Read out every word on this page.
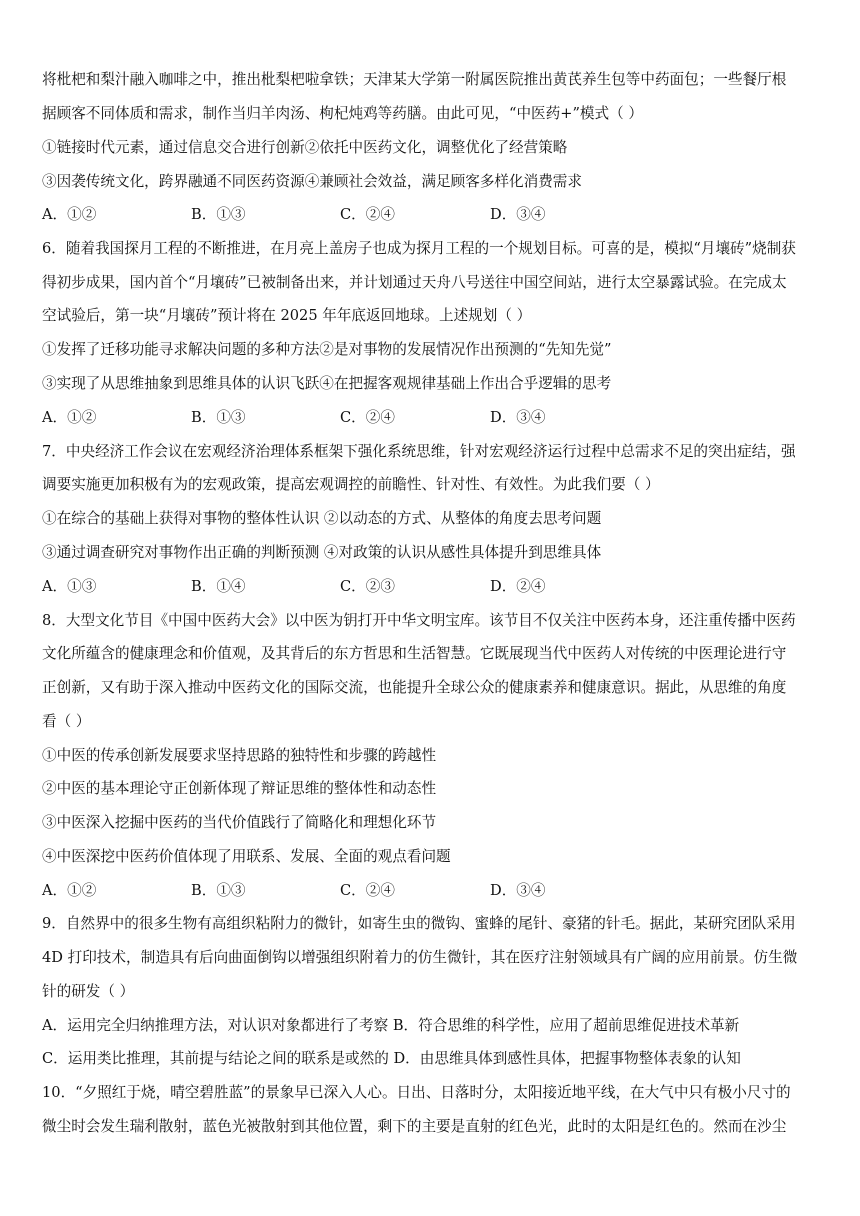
将枇杷和梨汁融入咖啡之中，推出枇梨杷啦拿铁；天津某大学第一附属医院推出黄芪养生包等中药面包；一些餐厅根
据顾客不同体质和需求，制作当归羊肉汤、枸杞炖鸡等药膳。由此可见，“中医药+”模式（ ）
①链接时代元素，通过信息交合进行创新②依托中医药文化，调整优化了经营策略
③因袭传统文化，跨界融通不同医药资源④兼顾社会效益，满足顾客多样化消费需求
A．①②	B．①③	C．②④	D．③④
6．随着我国探月工程的不断推进，在月亮上盖房子也成为探月工程的一个规划目标。可喜的是，模拟“月壤砖”烧制获
得初步成果，国内首个“月壤砖”已被制备出来，并计划通过天舟八号送往中国空间站，进行太空暴露试验。在完成太
空试验后，第一块“月壤砖”预计将在 2025 年年底返回地球。上述规划（ ）
①发挥了迁移功能寻求解决问题的多种方法②是对事物的发展情况作出预测的“先知先觉”
③实现了从思维抽象到思维具体的认识飞跃④在把握客观规律基础上作出合乎逻辑的思考
A．①②	B．①③	C．②④	D．③④
7．中央经济工作会议在宏观经济治理体系框架下强化系统思维，针对宏观经济运行过程中总需求不足的突出症结，强
调要实施更加积极有为的宏观政策，提高宏观调控的前瞻性、针对性、有效性。为此我们要（ ）
①在综合的基础上获得对事物的整体性认识 ②以动态的方式、从整体的角度去思考问题
③通过调查研究对事物作出正确的判断预测 ④对政策的认识从感性具体提升到思维具体
A．①③	B．①④	C．②③	D．②④
8．大型文化节目《中国中医药大会》以中医为钥打开中华文明宝库。该节目不仅关注中医药本身，还注重传播中医药
文化所蕴含的健康理念和价值观，及其背后的东方哲思和生活智慧。它既展现当代中医药人对传统的中医理论进行守
正创新，又有助于深入推动中医药文化的国际交流，也能提升全球公众的健康素养和健康意识。据此，从思维的角度
看（ ）
①中医的传承创新发展要求坚持思路的独特性和步骤的跨越性
②中医的基本理论守正创新体现了辩证思维的整体性和动态性
③中医深入挖掘中医药的当代价值践行了简略化和理想化环节
④中医深挖中医药价值体现了用联系、发展、全面的观点看问题
A．①②	B．①③	C．②④	D．③④
9．自然界中的很多生物有高组织粘附力的微针，如寄生虫的微钩、蜜蜂的尾针、豪猪的针毛。据此，某研究团队采用
4D 打印技术，制造具有后向曲面倒钩以增强组织附着力的仿生微针，其在医疗注射领域具有广阔的应用前景。仿生微
针的研发（ ）
A．运用完全归纳推理方法，对认识对象都进行了考察 B．符合思维的科学性，应用了超前思维促进技术革新
C．运用类比推理，其前提与结论之间的联系是或然的 D．由思维具体到感性具体，把握事物整体表象的认知
10．“夕照红于烧，晴空碧胜蓝”的景象早已深入人心。日出、日落时分，太阳接近地平线，在大气中只有极小尺寸的
微尘时会发生瑞利散射，蓝色光被散射到其他位置，剩下的主要是直射的红色光，此时的太阳是红色的。然而在沙尘
